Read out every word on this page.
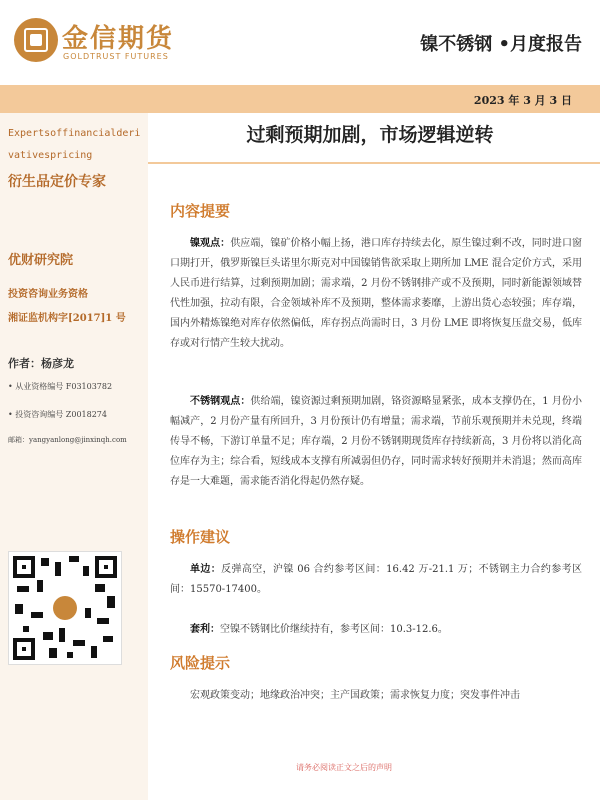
金信期货
GOLDTRUST FUTURES
镍不锈钢 •月度报告
2023 年 3 月 3 日
Expertsoffinancialderivativespricing
衍生品定价专家
优财研究院
投资咨询业务资格
湘证监机构字[2017]1 号
作者：杨彦龙
• 从业资格编号 F03103782
• 投资咨询编号 Z0018274
邮箱：yangyanlong@jinxinqh.com
过剩预期加剧，市场逻辑逆转
内容提要
镍观点：供应端，镍矿价格小幅上扬，港口库存持续去化，原生镍过剩不改，同时进口窗口期打开，俄罗斯镍巨头诺里尔斯克对中国镍销售欲采取上期所加 LME 混合定价方式，采用人民币进行结算，过剩预期加剧；需求端，2 月份不锈钢排产或不及预期，同时新能源领域替代性加强，拉动有限，合金领域补库不及预期，整体需求萎靡，上游出货心态较强；库存端，国内外精炼镍绝对库存依然偏低，库存拐点尚需时日，3 月份 LME 即将恢复压盘交易，低库存或对行情产生较大扰动。
不锈钢观点：供给端，镍资源过剩预期加剧，铬资源略显紧张，成本支撑仍在，1 月份小幅减产，2 月份产量有所回升，3 月份预计仍有增量；需求端，节前乐观预期并未兑现，终端传导不畅，下游订单量不足；库存端，2 月份不锈钢期现货库存持续新高，3 月份将以消化高位库存为主；综合看，短线成本支撑有所减弱但仍存，同时需求转好预期并未消退；然而高库存是一大难题，需求能否消化得起仍然存疑。
操作建议
单边：反弹高空，沪镍 06 合约参考区间：16.42 万-21.1 万；不锈钢主力合约参考区间：15570-17400。
套利：空镍不锈钢比价继续持有，参考区间：10.3-12.6。
风险提示
宏观政策变动；地缘政治冲突；主产国政策；需求恢复力度；突发事件冲击
请务必阅读正文之后的声明
